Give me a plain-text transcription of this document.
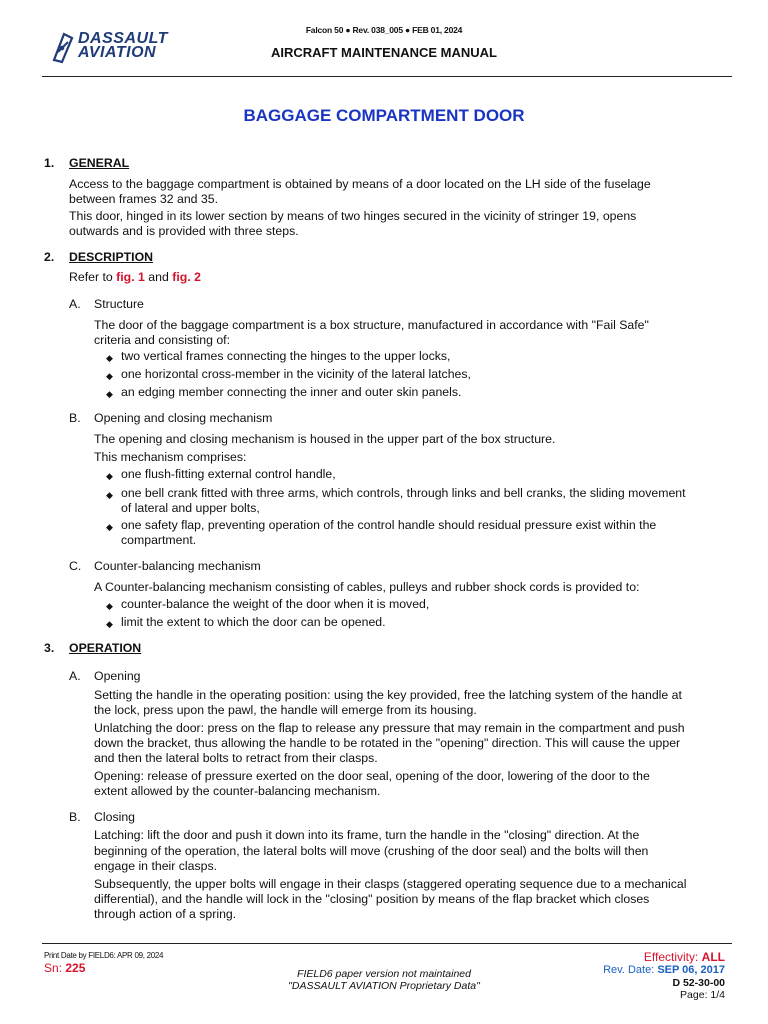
DASSAULT
AVIATION
Falcon 50 ● Rev. 038_005 ● FEB 01, 2024
AIRCRAFT MAINTENANCE MANUAL
BAGGAGE COMPARTMENT DOOR
1. GENERAL
Access to the baggage compartment is obtained by means of a door located on the LH side of the fuselage
between frames 32 and 35.
This door, hinged in its lower section by means of two hinges secured in the vicinity of stringer 19, opens
outwards and is provided with three steps.
2. DESCRIPTION
Refer to fig. 1 and fig. 2
A. Structure
The door of the baggage compartment is a box structure, manufactured in accordance with "Fail Safe"
criteria and consisting of:
◆ two vertical frames connecting the hinges to the upper locks,
◆ one horizontal cross-member in the vicinity of the lateral latches,
◆ an edging member connecting the inner and outer skin panels.
B. Opening and closing mechanism
The opening and closing mechanism is housed in the upper part of the box structure.
This mechanism comprises:
◆ one flush-fitting external control handle,
◆ one bell crank fitted with three arms, which controls, through links and bell cranks, the sliding movement
of lateral and upper bolts,
◆ one safety flap, preventing operation of the control handle should residual pressure exist within the
compartment.
C. Counter-balancing mechanism
A Counter-balancing mechanism consisting of cables, pulleys and rubber shock cords is provided to:
◆ counter-balance the weight of the door when it is moved,
◆ limit the extent to which the door can be opened.
3. OPERATION
A. Opening
Setting the handle in the operating position: using the key provided, free the latching system of the handle at
the lock, press upon the pawl, the handle will emerge from its housing.
Unlatching the door: press on the flap to release any pressure that may remain in the compartment and push
down the bracket, thus allowing the handle to be rotated in the "opening" direction. This will cause the upper
and then the lateral bolts to retract from their clasps.
Opening: release of pressure exerted on the door seal, opening of the door, lowering of the door to the
extent allowed by the counter-balancing mechanism.
B. Closing
Latching: lift the door and push it down into its frame, turn the handle in the "closing" direction. At the
beginning of the operation, the lateral bolts will move (crushing of the door seal) and the bolts will then
engage in their clasps.
Subsequently, the upper bolts will engage in their clasps (staggered operating sequence due to a mechanical
differential), and the handle will lock in the "closing" position by means of the flap bracket which closes
through action of a spring.
Print Date by FIELD6: APR 09, 2024
Sn: 225	FIELD6 paper version not maintained
"DASSAULT AVIATION Proprietary Data"
Effectivity: ALL
Rev. Date: SEP 06, 2017
D 52-30-00
Page: 1/4
